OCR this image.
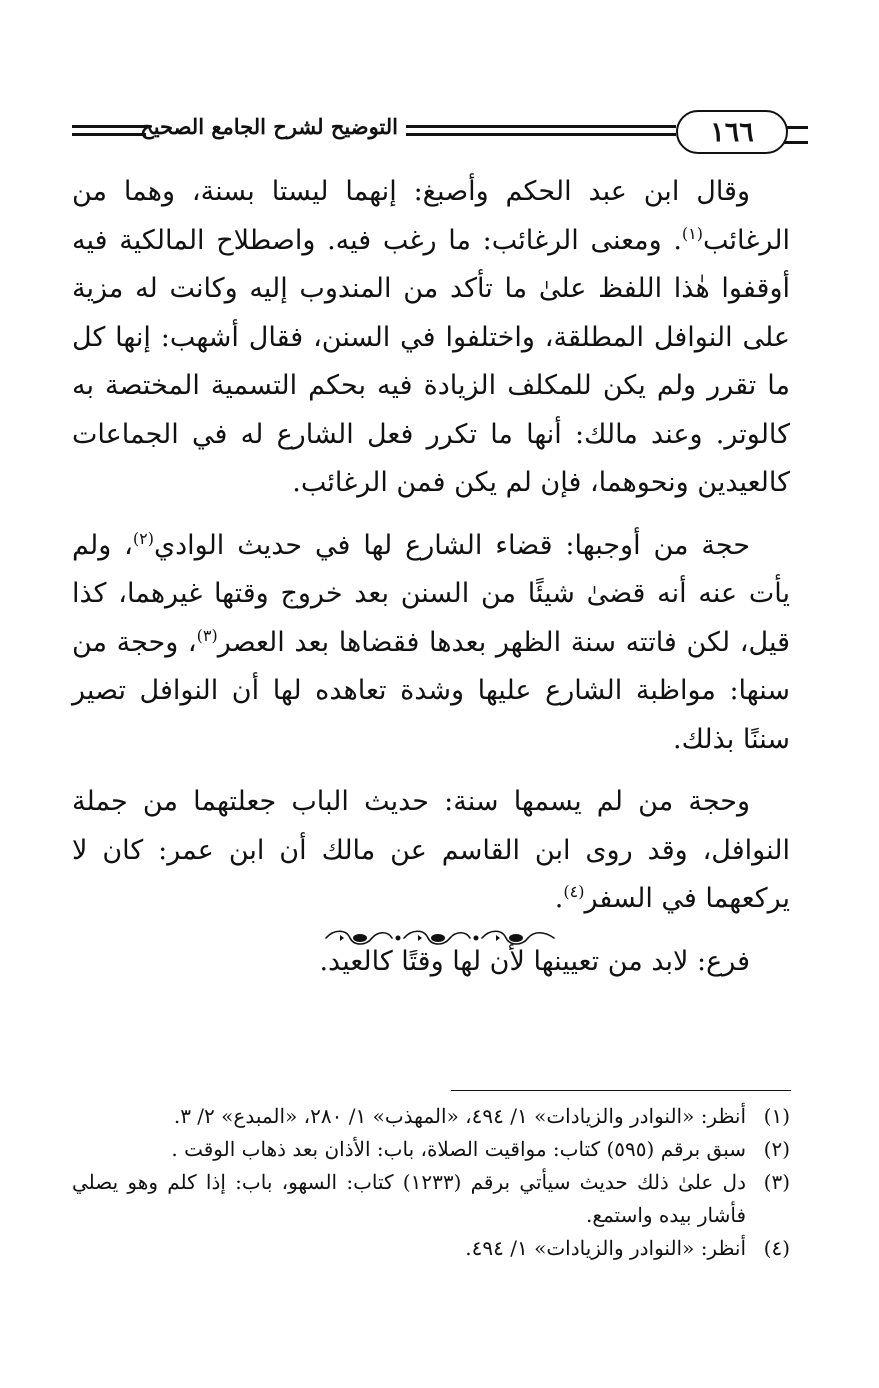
١٦٦
التوضيح لشرح الجامع الصحيح

وقال ابن عبد الحكم وأصبغ: إنهما ليستا بسنة، وهما من الرغائب$^{(١)}$. ومعنى الرغائب: ما رغب فيه. واصطلاح المالكية فيه أوقفوا هٰذا اللفظ علىٰ ما تأكد من المندوب إليه وكانت له مزية على النوافل المطلقة، واختلفوا في السنن، فقال أشهب: إنها كل ما تقرر ولم يكن للمكلف الزيادة فيه بحكم التسمية المختصة به كالوتر. وعند مالك: أنها ما تكرر فعل الشارع له في الجماعات كالعيدين ونحوهما، فإن لم يكن فمن الرغائب.

حجة من أوجبها: قضاء الشارع لها في حديث الوادي$^{(٢)}$، ولم يأت عنه أنه قضىٰ شيئًا من السنن بعد خروج وقتها غيرهما، كذا قيل، لكن فاتته سنة الظهر بعدها فقضاها بعد العصر$^{(٣)}$، وحجة من سنها: مواظبة الشارع عليها وشدة تعاهده لها أن النوافل تصير سننًا بذلك.

وحجة من لم يسمها سنة: حديث الباب جعلتهما من جملة النوافل، وقد روى ابن القاسم عن مالك أن ابن عمر: كان لا يركعهما في السفر$^{(٤)}$.

فرع: لابد من تعيينها لأن لها وقتًا كالعيد.

(١)
أنظر: «النوادر والزيادات» ١/ ٤٩٤، «المهذب» ١/ ٢٨٠، «المبدع» ٢/ ٣.
(٢)
سبق برقم (٥٩٥) كتاب: مواقيت الصلاة، باب: الأذان بعد ذهاب الوقت .
(٣)
دل علىٰ ذلك حديث سيأتي برقم (١٢٣٣) كتاب: السهو، باب: إذا كلم وهو يصلي فأشار بيده واستمع.
(٤)
أنظر: «النوادر والزيادات» ١/ ٤٩٤.
